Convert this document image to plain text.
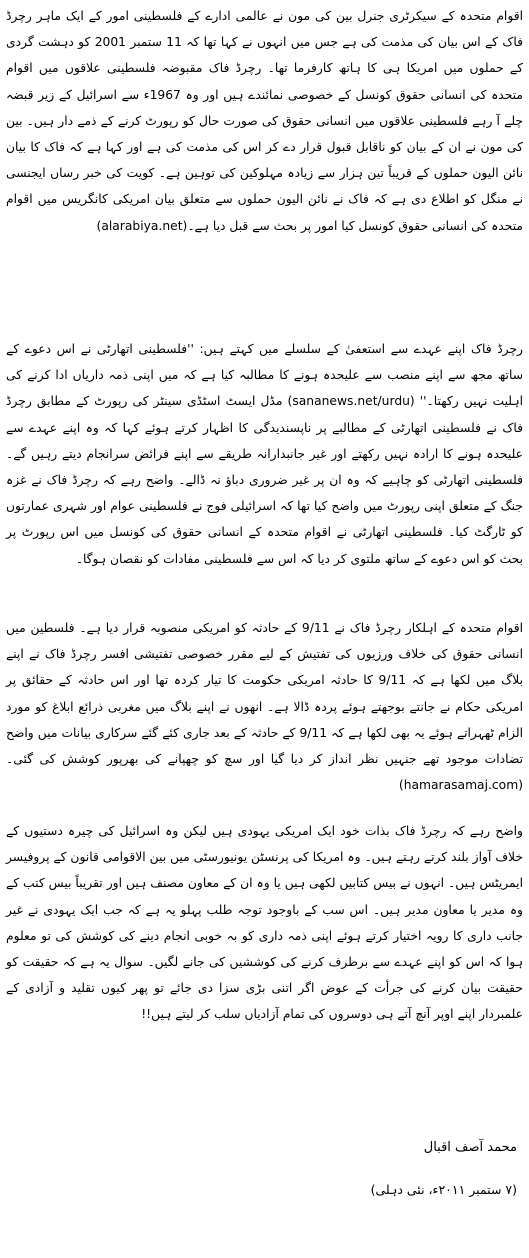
اقوام متحدہ کے سیکرٹری جنرل بین کی مون نے عالمی ادارے کے فلسطینی امور کے ایک ماہر رچرڈ فاک کے اس بیان کی مذمت کی ہے جس میں انہوں نے کہا تھا کہ 11 ستمبر 2001 کو دہشت گردی کے حملوں میں امریکا ہی کا ہاتھ کارفرما تھا۔ رچرڈ فاک مقبوضہ فلسطینی علاقوں میں اقوام متحدہ کی انسانی حقوق کونسل کے خصوصی نمائندے ہیں اور وہ 1967ء سے اسرائیل کے زیر قبضہ چلے آ رہے فلسطینی علاقوں میں انسانی حقوق کی صورت حال کو رپورٹ کرنے کے ذمے دار ہیں۔ بین کی مون نے ان کے بیان کو ناقابل قبول قرار دے کر اس کی مذمت کی ہے اور کہا ہے کہ فاک کا بیان نائن الیون حملوں کے قریباً تین ہزار سے زیادہ مہلوکین کی توہین ہے۔ کویت کی خبر رساں ایجنسی نے منگل کو اطلاع دی ہے کہ فاک نے نائن الیون حملوں سے متعلق بیان امریکی کانگریس میں اقوام متحدہ کی انسانی حقوق کونسل کیا امور پر بحث سے قبل دیا ہے۔(alarabiya.net)

رچرڈ فاک اپنے عہدے سے استعفیٰ کے سلسلے میں کہتے ہیں: ''فلسطینی اتھارٹی نے اس دعوے کے ساتھ مجھ سے اپنے منصب سے علیحدہ ہونے کا مطالبہ کیا ہے کہ میں اپنی ذمہ داریاں ادا کرنے کی اہلیت نہیں رکھتا۔'' (sananews.net/urdu) مڈل ایسٹ اسٹڈی سینٹر کی رپورٹ کے مطابق رچرڈ فاک نے فلسطینی اتھارٹی کے مطالبے پر ناپسندیدگی کا اظہار کرتے ہوئے کہا کہ وہ اپنے عہدے سے علیحدہ ہونے کا ارادہ نہیں رکھتے اور غیر جانبدارانہ طریقے سے اپنے فرائض سرانجام دیتے رہیں گے۔ فلسطینی اتھارٹی کو چاہیے کہ وہ ان پر غیر ضروری دباؤ نہ ڈالے۔ واضح رہے کہ رچرڈ فاک نے غزہ جنگ کے متعلق اپنی رپورٹ میں واضح کیا تھا کہ اسرائیلی فوج نے فلسطینی عوام اور شہری عمارتوں کو ٹارگٹ کیا۔ فلسطینی اتھارٹی نے اقوام متحدہ کے انسانی حقوق کی کونسل میں اس رپورٹ پر بحث کو اس دعوے کے ساتھ ملتوی کر دیا کہ اس سے فلسطینی مفادات کو نقصان ہوگا۔

اقوام متحدہ کے اہلکار رچرڈ فاک نے 9/11 کے حادثہ کو امریکی منصوبہ قرار دیا ہے۔ فلسطین میں انسانی حقوق کی خلاف ورزیوں کی تفتیش کے لیے مقرر خصوصی تفتیشی افسر رچرڈ فاک نے اپنے بلاگ میں لکھا ہے کہ 9/11 کا حادثہ امریکی حکومت کا تیار کردہ تھا اور اس حادثہ کے حقائق پر امریکی حکام نے جانتے بوجھتے ہوئے پردہ ڈالا ہے۔ انھوں نے اپنے بلاگ میں مغربی ذرائع ابلاغ کو مورد الزام ٹھہراتے ہوئے یہ بھی لکھا ہے کہ 9/11 کے حادثہ کے بعد جاری کئے گئے سرکاری بیانات میں واضح تضادات موجود تھے جنہیں نظر انداز کر دیا گیا اور سچ کو چھپانے کی بھرپور کوشش کی گئی۔ (hamarasamaj.com)

واضح رہے کہ رچرڈ فاک بذات خود ایک امریکی یہودی ہیں لیکن وہ اسرائیل کی چیرہ دستیوں کے خلاف آواز بلند کرتے رہتے ہیں۔ وہ امریکا کی پرنسٹن یونیورسٹی میں بین الاقوامی قانون کے پروفیسر ایمریٹس ہیں۔ انہوں نے بیس کتابیں لکھی ہیں یا وہ ان کے معاون مصنف ہیں اور تقریباً بیس کتب کے وہ مدیر یا معاون مدیر ہیں۔ اس سب کے باوجود توجہ طلب پہلو یہ ہے کہ جب ایک یہودی نے غیر جانب داری کا رویہ اختیار کرتے ہوئے اپنی ذمہ داری کو بہ خوبی انجام دینے کی کوشش کی تو معلوم ہوا کہ اس کو اپنے عہدے سے برطرف کرنے کی کوششیں کی جانے لگیں۔ سوال یہ ہے کہ حقیقت کو حقیقت بیان کرنے کی جرأت کے عوض اگر اتنی بڑی سزا دی جائے تو پھر کیوں تقلید و آزادی کے علمبردار اپنے اوپر آنچ آتے ہی دوسروں کی تمام آزادیاں سلب کر لیتے ہیں!!

محمد آصف اقبال
(۷ ستمبر ۲۰۱۱ء، نئی دہلی)
